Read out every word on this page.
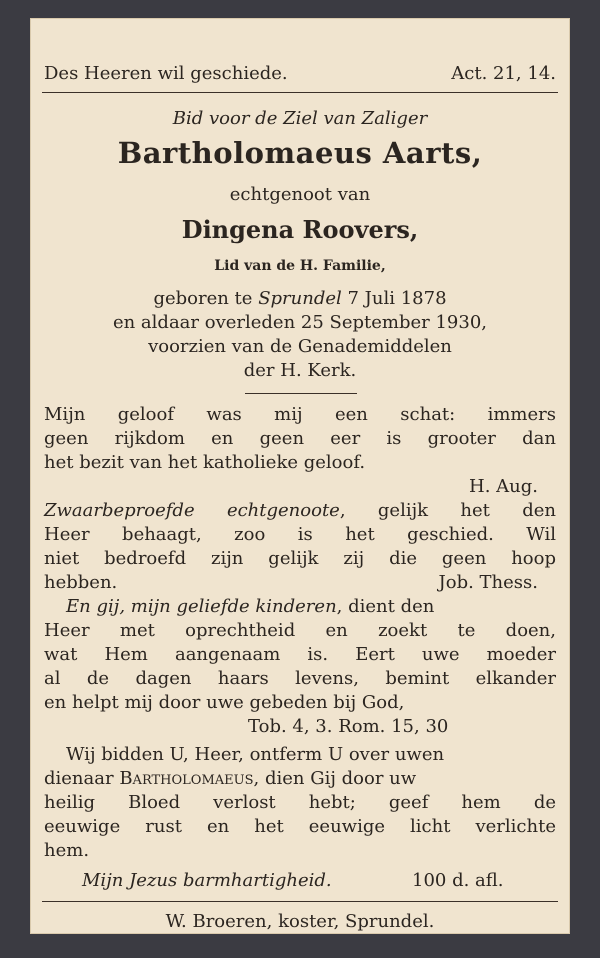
Des Heeren wil geschiede.	Act. 21, 14.
Bid voor de Ziel van Zaliger
Bartholomaeus Aarts,
echtgenoot van
Dingena Roovers,
Lid van de H. Familie,
geboren te Sprundel 7 Juli 1878
en aldaar overleden 25 September 1930,
voorzien van de Genademiddelen
der H. Kerk.
Mijn geloof was mij een schat: immers
geen rijkdom en geen eer is grooter dan
het bezit van het katholieke geloof.
H. Aug.
Zwaarbeproefde echtgenoote, gelijk het den
Heer behaagt, zoo is het geschied. Wil
niet bedroefd zijn gelijk zij die geen hoop
hebben.	Job. Thess.
En gij, mijn geliefde kinderen, dient den
Heer met oprechtheid en zoekt te doen,
wat Hem aangenaam is. Eert uwe moeder
al de dagen haars levens, bemint elkander
en helpt mij door uwe gebeden bij God,
Tob. 4, 3. Rom. 15, 30
Wij bidden U, Heer, ontferm U over uwen
dienaar Bartholomaeus, dien Gij door uw
heilig Bloed verlost hebt; geef hem de
eeuwige rust en het eeuwige licht verlichte
hem.
Mijn Jezus barmhartigheid.	100 d. afl.
W. Broeren, koster, Sprundel.
